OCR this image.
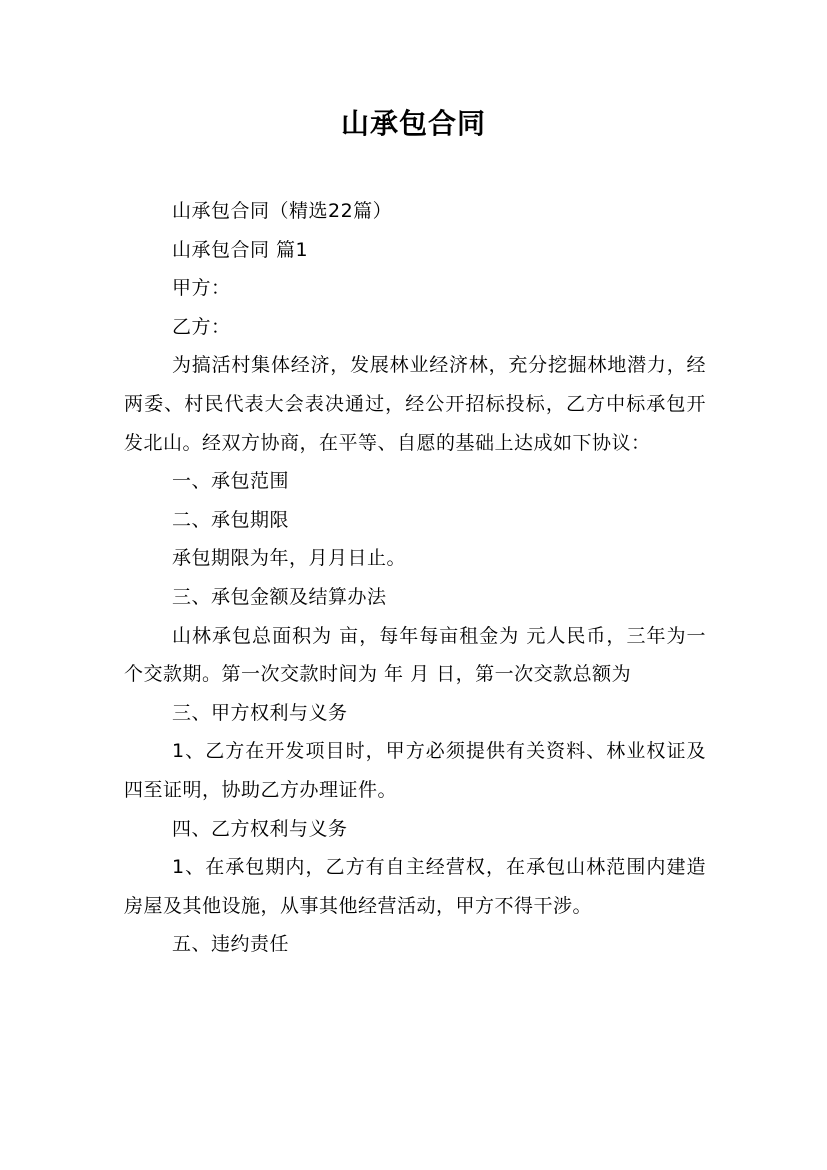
山承包合同

山承包合同（精选22篇）

山承包合同 篇1

甲方：

乙方：

为搞活村集体经济，发展林业经济林，充分挖掘林地潜力，经两委、村民代表大会表决通过，经公开招标投标，乙方中标承包开发北山。经双方协商，在平等、自愿的基础上达成如下协议：

一、承包范围

二、承包期限

承包期限为年，月月日止。

三、承包金额及结算办法

山林承包总面积为 亩，每年每亩租金为 元人民币，三年为一个交款期。第一次交款时间为 年 月 日，第一次交款总额为

三、甲方权利与义务

1、乙方在开发项目时，甲方必须提供有关资料、林业权证及四至证明，协助乙方办理证件。

四、乙方权利与义务

1、在承包期内，乙方有自主经营权，在承包山林范围内建造房屋及其他设施，从事其他经营活动，甲方不得干涉。

五、违约责任
